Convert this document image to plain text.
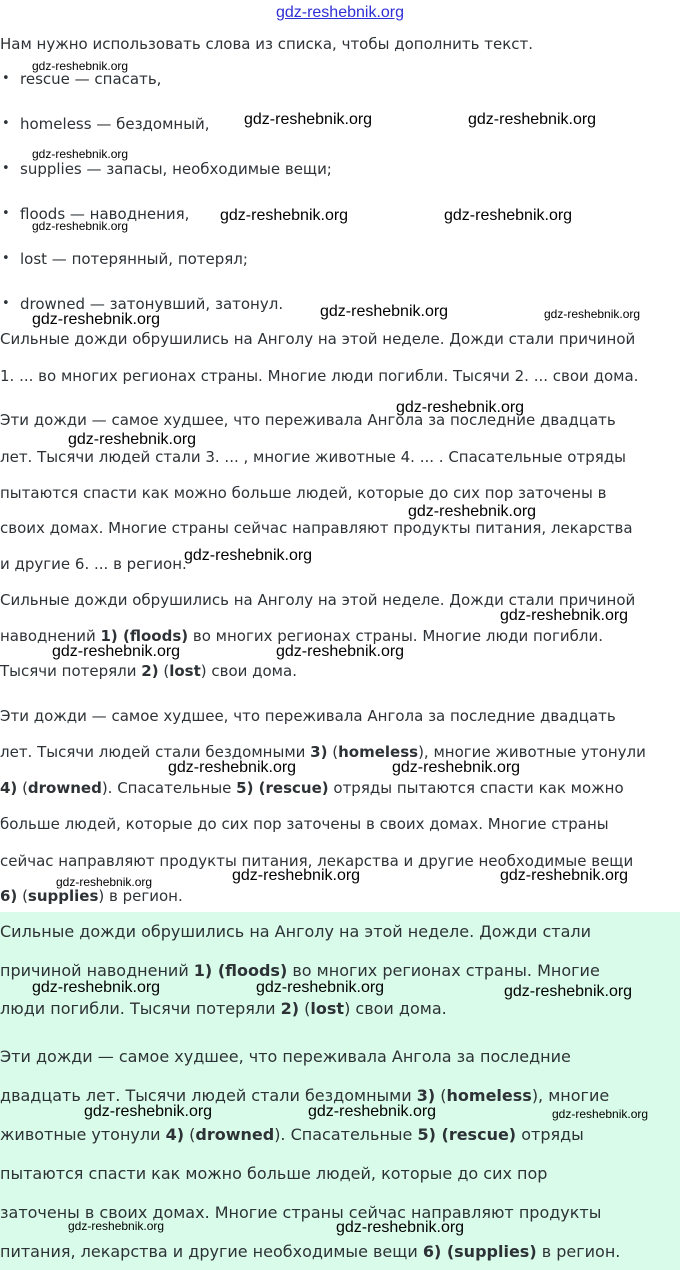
gdz-reshebnik.org
Нам нужно использовать слова из списка, чтобы дополнить текст.
• rescue — спасать,
• homeless — бездомный,
• supplies — запасы, необходимые вещи;
• floods — наводнения,
• lost — потерянный, потерял;
• drowned — затонувший, затонул.
Сильные дожди обрушились на Анголу на этой неделе. Дожди стали причиной
1. ... во многих регионах страны. Многие люди погибли. Тысячи 2. ... свои дома.
Эти дожди — самое худшее, что переживала Ангола за последние двадцать
лет. Тысячи людей стали 3. ... , многие животные 4. ... . Спасательные отряды
пытаются спасти как можно больше людей, которые до сих пор заточены в
своих домах. Многие страны сейчас направляют продукты питания, лекарства
и другие 6. ... в регион.
Сильные дожди обрушились на Анголу на этой неделе. Дожди стали причиной
наводнений 1) (floods) во многих регионах страны. Многие люди погибли.
Тысячи потеряли 2) (lost) свои дома.
Эти дожди — самое худшее, что переживала Ангола за последние двадцать
лет. Тысячи людей стали бездомными 3) (homeless), многие животные утонули
4) (drowned). Спасательные 5) (rescue) отряды пытаются спасти как можно
больше людей, которые до сих пор заточены в своих домах. Многие страны
сейчас направляют продукты питания, лекарства и другие необходимые вещи
6) (supplies) в регион.
Сильные дожди обрушились на Анголу на этой неделе. Дожди стали
причиной наводнений 1) (floods) во многих регионах страны. Многие
люди погибли. Тысячи потеряли 2) (lost) свои дома.
Эти дожди — самое худшее, что переживала Ангола за последние
двадцать лет. Тысячи людей стали бездомными 3) (homeless), многие
животные утонули 4) (drowned). Спасательные 5) (rescue) отряды
пытаются спасти как можно больше людей, которые до сих пор
заточены в своих домах. Многие страны сейчас направляют продукты
питания, лекарства и другие необходимые вещи 6) (supplies) в регион.
gdz-reshebnik.org
gdz-reshebnik.org	gdz-reshebnik.org
gdz-reshebnik.org
gdz-reshebnik.org	gdz-reshebnik.org
gdz-reshebnik.org
gdz-reshebnik.org	gdz-reshebnik.org
gdz-reshebnik.org
gdz-reshebnik.org
gdz-reshebnik.org
gdz-reshebnik.org
gdz-reshebnik.org
gdz-reshebnik.org
gdz-reshebnik.org	gdz-reshebnik.org
gdz-reshebnik.org	gdz-reshebnik.org
gdz-reshebnik.org	gdz-reshebnik.org
gdz-reshebnik.org
gdz-reshebnik.org	gdz-reshebnik.org	gdz-reshebnik.org
gdz-reshebnik.org	gdz-reshebnik.org	gdz-reshebnik.org
gdz-reshebnik.org	gdz-reshebnik.org
